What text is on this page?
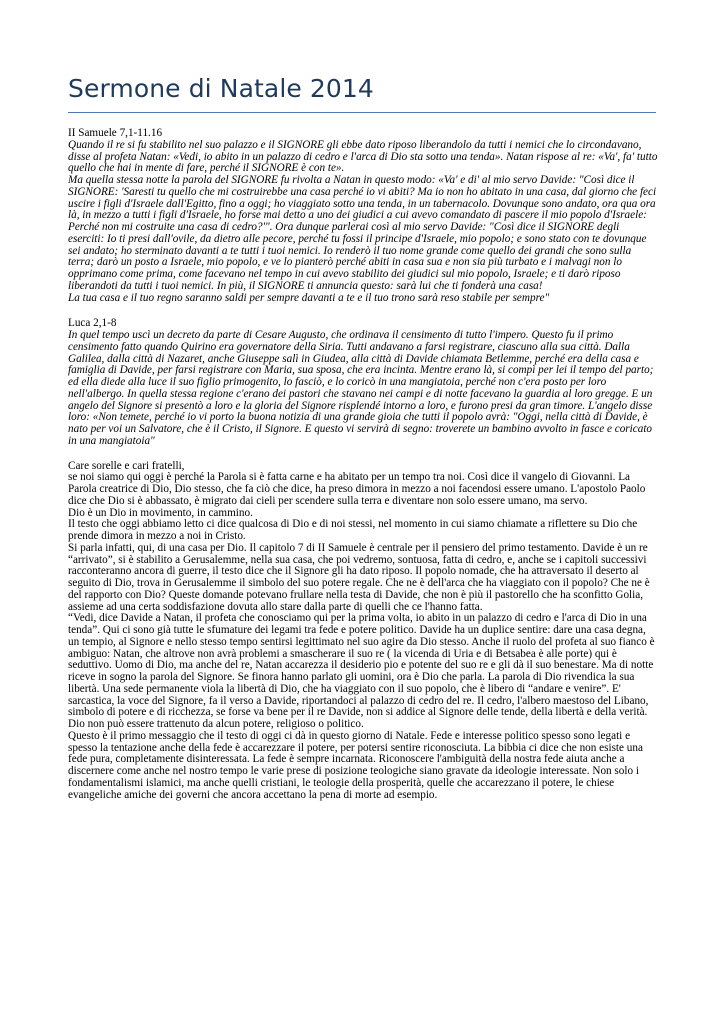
Sermone di Natale 2014

II Samuele 7,1-11.16

Quando il re si fu stabilito nel suo palazzo e il SIGNORE gli ebbe dato riposo liberandolo da tutti i nemici che lo circondavano, disse al profeta Natan: «Vedi, io abito in un palazzo di cedro e l'arca di Dio sta sotto una tenda». Natan rispose al re: «Va', fa' tutto quello che hai in mente di fare, perché il SIGNORE è con te».

Ma quella stessa notte la parola del SIGNORE fu rivolta a Natan in questo modo: «Va' e di' al mio servo Davide: "Così dice il SIGNORE: 'Saresti tu quello che mi costruirebbe una casa perché io vi abiti? Ma io non ho abitato in una casa, dal giorno che feci uscire i figli d'Israele dall'Egitto, fino a oggi; ho viaggiato sotto una tenda, in un tabernacolo. Dovunque sono andato, ora qua ora là, in mezzo a tutti i figli d'Israele, ho forse mai detto a uno dei giudici a cui avevo comandato di pascere il mio popolo d'Israele: Perché non mi costruite una casa di cedro?'". Ora dunque parlerai così al mio servo Davide: "Così dice il SIGNORE degli eserciti: Io ti presi dall'ovile, da dietro alle pecore, perché tu fossi il principe d'Israele, mio popolo; e sono stato con te dovunque sei andato; ho sterminato davanti a te tutti i tuoi nemici. Io renderò il tuo nome grande come quello dei grandi che sono sulla terra; darò un posto a Israele, mio popolo, e ve lo pianterò perché abiti in casa sua e non sia più turbato e i malvagi non lo opprimano come prima, come facevano nel tempo in cui avevo stabilito dei giudici sul mio popolo, Israele; e ti darò riposo liberandoti da tutti i tuoi nemici. In più, il SIGNORE ti annuncia questo: sarà lui che ti fonderà una casa!

La tua casa e il tuo regno saranno saldi per sempre davanti a te e il tuo trono sarà reso stabile per sempre"

Luca 2,1-8

In quel tempo uscì un decreto da parte di Cesare Augusto, che ordinava il censimento di tutto l'impero. Questo fu il primo censimento fatto quando Quirino era governatore della Siria. Tutti andavano a farsi registrare, ciascuno alla sua città. Dalla Galilea, dalla città di Nazaret, anche Giuseppe salì in Giudea, alla città di Davide chiamata Betlemme, perché era della casa e famiglia di Davide, per farsi registrare con Maria, sua sposa, che era incinta. Mentre erano là, si compì per lei il tempo del parto; ed ella diede alla luce il suo figlio primogenito, lo fasciò, e lo coricò in una mangiatoia, perché non c'era posto per loro nell'albergo. In quella stessa regione c'erano dei pastori che stavano nei campi e di notte facevano la guardia al loro gregge. E un angelo del Signore si presentò a loro e la gloria del Signore risplendé intorno a loro, e furono presi da gran timore. L'angelo disse loro: «Non temete, perché io vi porto la buona notizia di una grande gioia che tutti il popolo avrà: "Oggi, nella città di Davide, è nato per voi un Salvatore, che è il Cristo, il Signore. E questo vi servirà di segno: troverete un bambino avvolto in fasce e coricato in una mangiatoia"

Care sorelle e cari fratelli,

se noi siamo qui oggi è perché la Parola si è fatta carne e ha abitato per un tempo tra noi. Così dice il vangelo di Giovanni. La Parola creatrice di Dio, Dio stesso, che fa ciò che dice, ha preso dimora in mezzo a noi facendosi essere umano. L'apostolo Paolo dice che Dio si è abbassato, è migrato dai cieli per scendere sulla terra e diventare non solo essere umano, ma servo.

Dio è un Dio in movimento, in cammino.

Il testo che oggi abbiamo letto ci dice qualcosa di Dio e di noi stessi, nel momento in cui siamo chiamate a riflettere su Dio che prende dimora in mezzo a noi in Cristo.

Si parla infatti, qui, di una casa per Dio. Il capitolo 7 di II Samuele è centrale per il pensiero del primo testamento. Davide è un re “arrivato”, si è stabilito a Gerusalemme, nella sua casa, che poi vedremo, sontuosa, fatta di cedro, e, anche se i capitoli successivi racconteranno ancora di guerre, il testo dice che il Signore gli ha dato riposo. Il popolo nomade, che ha attraversato il deserto al seguito di Dio, trova in Gerusalemme il simbolo del suo potere regale. Che ne è dell'arca che ha viaggiato con il popolo? Che ne è del rapporto con Dio? Queste domande potevano frullare nella testa di Davide, che non è più il pastorello che ha sconfitto Golia, assieme ad una certa soddisfazione dovuta allo stare dalla parte di quelli che ce l'hanno fatta.

“Vedi, dice Davide a Natan, il profeta che conosciamo qui per la prima volta, io abito in un palazzo di cedro e l'arca di Dio in una tenda”. Qui ci sono già tutte le sfumature dei legami tra fede e potere politico. Davide ha un duplice sentire: dare una casa degna, un tempio, al Signore e nello stesso tempo sentirsi legittimato nel suo agire da Dio stesso. Anche il ruolo del profeta al suo fianco è ambiguo: Natan, che altrove non avrà problemi a smascherare il suo re ( la vicenda di Uria e di Betsabea è alle porte) qui è seduttivo. Uomo di Dio, ma anche del re, Natan accarezza il desiderio pio e potente del suo re e gli dà il suo benestare. Ma di notte riceve in sogno la parola del Signore. Se finora hanno parlato gli uomini, ora è Dio che parla. La parola di Dio rivendica la sua libertà. Una sede permanente viola la libertà di Dio, che ha viaggiato con il suo popolo, che è libero di “andare e venire”. E' sarcastica, la voce del Signore, fa il verso a Davide, riportandoci al palazzo di cedro del re. Il cedro, l'albero maestoso del Libano, simbolo di potere e di ricchezza, se forse va bene per il re Davide, non si addice al Signore delle tende, della libertà e della verità. Dio non può essere trattenuto da alcun potere, religioso o politico.

Questo è il primo messaggio che il testo di oggi ci dà in questo giorno di Natale. Fede e interesse politico spesso sono legati e spesso la tentazione anche della fede è accarezzare il potere, per potersi sentire riconosciuta. La bibbia ci dice che non esiste una fede pura, completamente disinteressata. La fede è sempre incarnata. Riconoscere l'ambiguità della nostra fede aiuta anche a discernere come anche nel nostro tempo le varie prese di posizione teologiche siano gravate da ideologie interessate. Non solo i fondamentalismi islamici, ma anche quelli cristiani, le teologie della prosperità, quelle che accarezzano il potere, le chiese evangeliche amiche dei governi che ancora accettano la pena di morte ad esempio.
